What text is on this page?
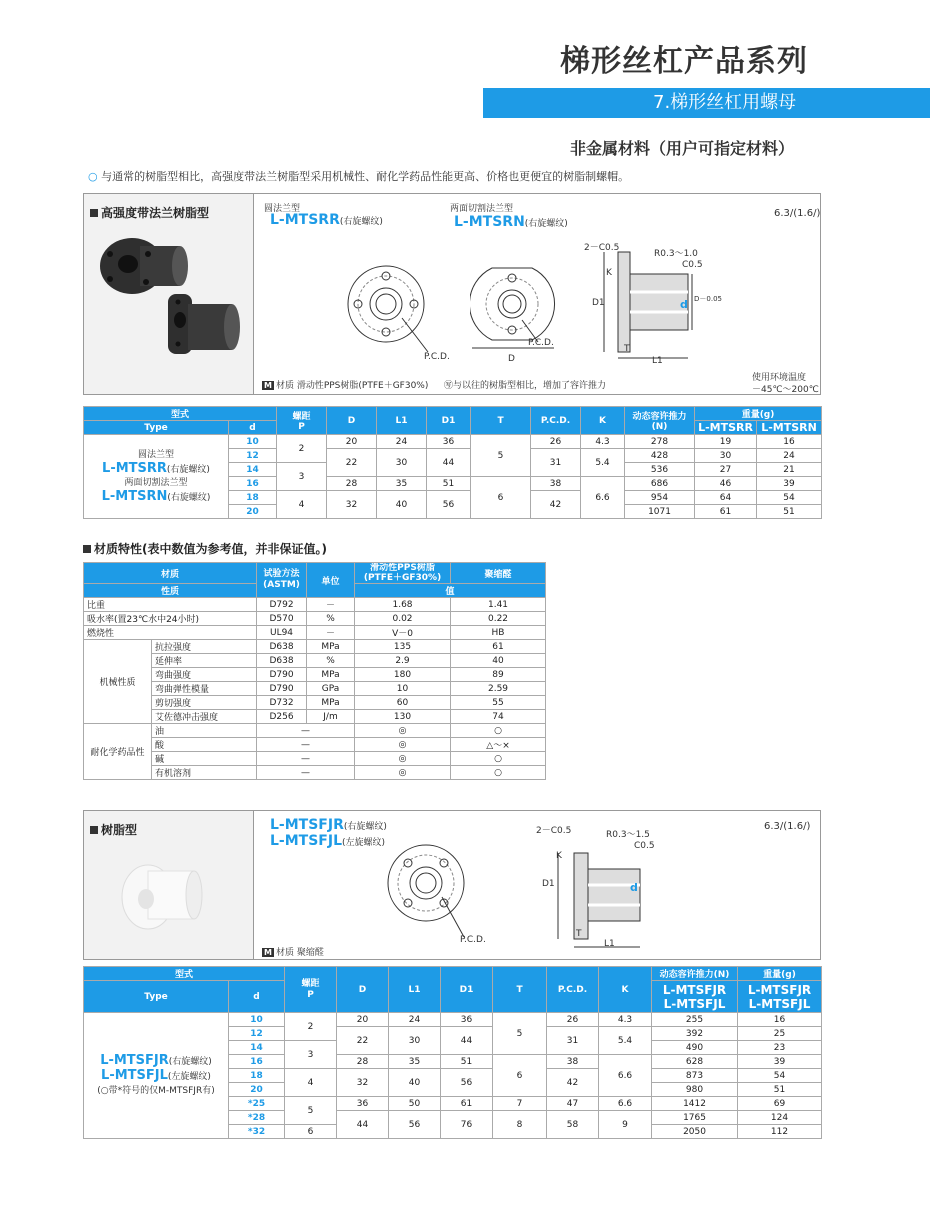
梯形丝杠产品系列
7.梯形丝杠用螺母
非金属材料（用户可指定材料）
○ 与通常的树脂型相比，高强度带法兰树脂型采用机械性、耐化学药品性能更高、价格也更便宜的树脂制螺帽。
高强度带法兰树脂型	圆法兰型
L-MTSRR(右旋螺纹)
两面切割法兰型
L-MTSRN(右旋螺纹)
6.3/(1.6/)
P.C.D.
P.C.D.
D
2－C0.5
R0.3～1.0
C0.5
K
D1	d D－0.05
T
L1
M 材质 滑动性PPS树脂(PTFE＋GF30%) ㊢与以往的树脂型相比，增加了容许推力
使用环境温度
－45℃～200℃
型式		螺距
P	D	L1	D1	T	P.C.D.	K	动态容许推力
(N)	重量(g)	
Type	d									L-MTSRR	L-MTSRN

圆法兰型
L-MTSRR(右旋螺纹)
两面切割法兰型
L-MTSRN(右旋螺纹)	10	2	20	24	36	5	26	4.3	278	19	16
	12		22	30	44		31	5.4	428	30	24
	14	3							536	27	21
	16		28	35	51	6	38	6.6	686	46	39
	18	4	32	40	56		42		954	64	54
	20								1071	61	51
材质特性(表中数值为参考值，并非保证值。)
材质		试验方法
(ASTM)	单位	滑动性PPS树脂
(PTFE＋GF30%)	聚缩醛
性质				值	
比重		D792	－	1.68	1.41
吸水率(置23℃水中24小时)		D570	%	0.02	0.22
燃烧性		UL94	－	V－0	HB
机械性质	抗拉强度	D638	MPa	135	61
	延伸率	D638	%	2.9	40
	弯曲强度	D790	MPa	180	89
	弯曲弹性模量	D790	GPa	10	2.59
	剪切强度	D732	MPa	60	55
	艾佐德冲击强度	D256	J/m	130	74
耐化学药品性	油	—		◎	○
	酸	—		◎	△～×
	碱	—		◎	○
	有机溶剂	—		◎	○
树脂型	L-MTSFJR(右旋螺纹)
L-MTSFJL(左旋螺纹)
6.3/(1.6/)
P.C.D.
2－C0.5	R0.3～1.5
C0.5
d
K
D1
T
L1
M 材质 聚缩醛
型式		螺距
P	D	L1	D1	T	P.C.D.	K	动态容许推力(N)	重量(g)
Type	d								L-MTSFJR
L-MTSFJL	L-MTSFJR
L-MTSFJL

L-MTSFJR(右旋螺纹)
L-MTSFJL(左旋螺纹)
(○带*符号的仅M-MTSFJR有)	10	2	20	24	36	5	26	4.3	255	16
	12		22	30	44		31	5.4	392	25
	14	3							490	23
	16		28	35	51	6	38	6.6	628	39
	18	4	32	40	56		42		873	54
	20								980	51
	*25	5	36	50	61	7	47	6.6	1412	69
	*28		44	56	76	8	58	9	1765	124
	*32	6							2050	112
